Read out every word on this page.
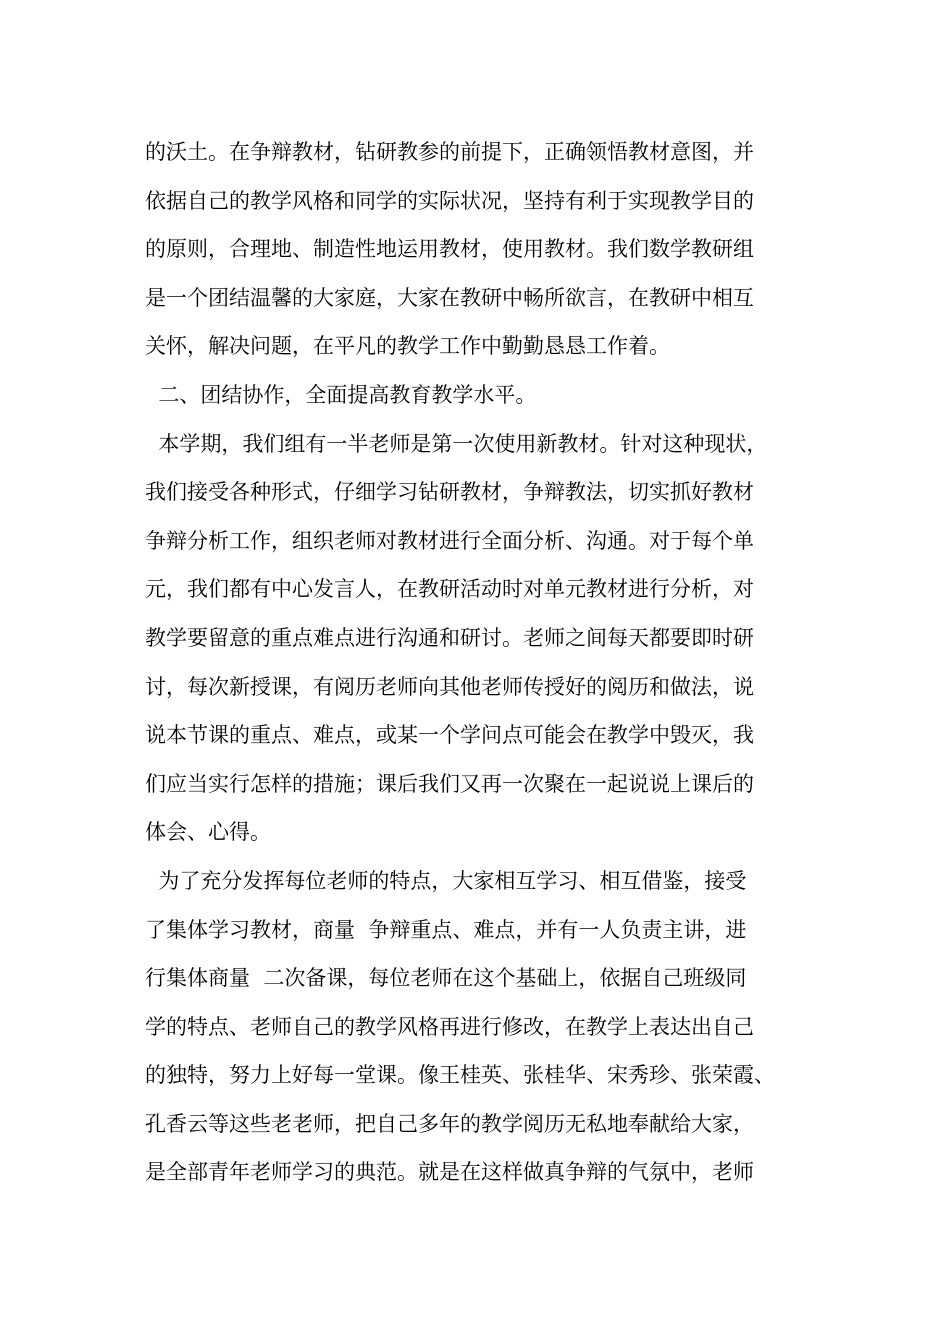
的沃土。在争辩教材，钻研教参的前提下，正确领悟教材意图，并
依据自己的教学风格和同学的实际状况，坚持有利于实现教学目的
的原则，合理地、制造性地运用教材，使用教材。我们数学教研组
是一个团结温馨的大家庭，大家在教研中畅所欲言，在教研中相互
关怀，解决问题，在平凡的教学工作中勤勤恳恳工作着。
二、团结协作，全面提高教育教学水平。
本学期，我们组有一半老师是第一次使用新教材。针对这种现状，
我们接受各种形式，仔细学习钻研教材，争辩教法，切实抓好教材
争辩分析工作，组织老师对教材进行全面分析、沟通。对于每个单
元，我们都有中心发言人，在教研活动时对单元教材进行分析，对
教学要留意的重点难点进行沟通和研讨。老师之间每天都要即时研
讨，每次新授课，有阅历老师向其他老师传授好的阅历和做法，说
说本节课的重点、难点，或某一个学问点可能会在教学中毁灭，我
们应当实行怎样的措施；课后我们又再一次聚在一起说说上课后的
体会、心得。
为了充分发挥每位老师的特点，大家相互学习、相互借鉴，接受
了集体学习教材，商量  争辩重点、难点，并有一人负责主讲，进
行集体商量  二次备课，每位老师在这个基础上，依据自己班级同
学的特点、老师自己的教学风格再进行修改，在教学上表达出自己
的独特，努力上好每一堂课。像王桂英、张桂华、宋秀珍、张荣霞、
孔香云等这些老老师，把自己多年的教学阅历无私地奉献给大家，
是全部青年老师学习的典范。就是在这样做真争辩的气氛中，老师
